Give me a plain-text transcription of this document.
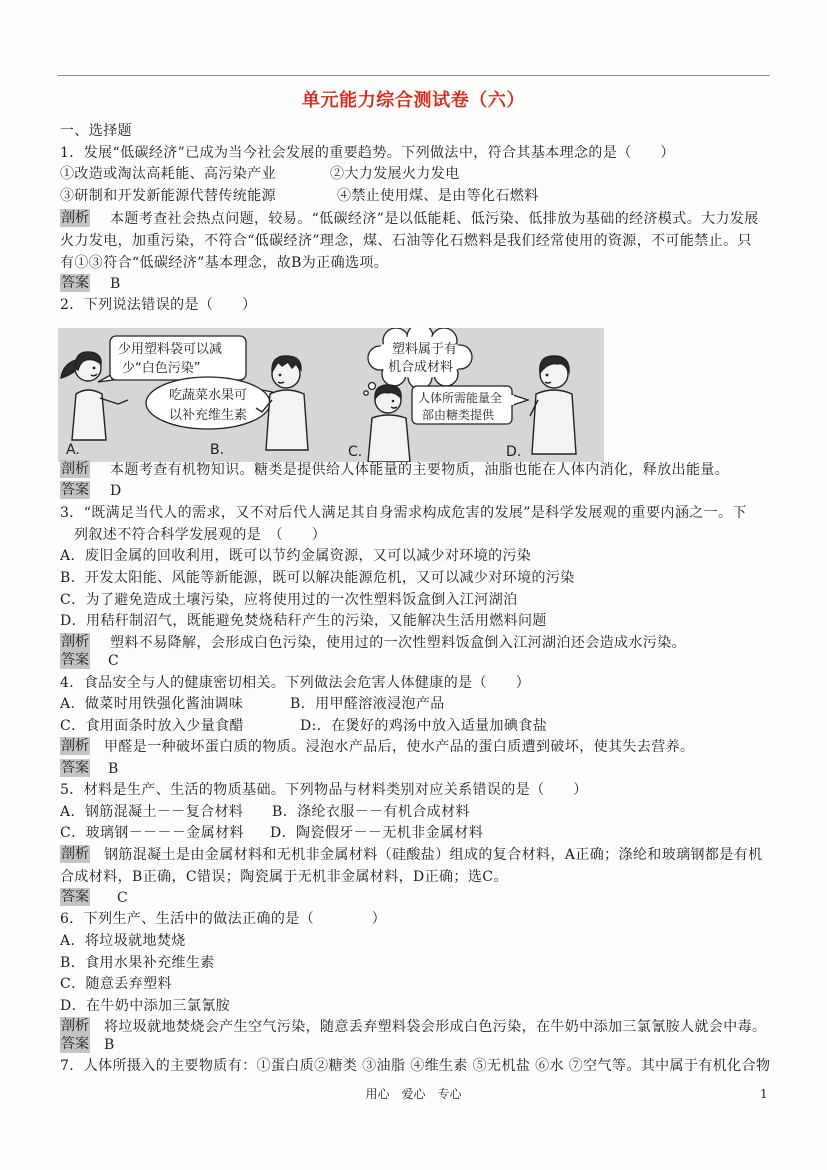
单元能力综合测试卷（六）
一、选择题
1．发展“低碳经济”已成为当今社会发展的重要趋势。下列做法中，符合其基本理念的是（　　）
①改造或淘汰高耗能、高污染产业	②大力发展火力发电
③研制和开发新能源代替传统能源	④禁止使用煤、是由等化石燃料
剖析 本题考查社会热点问题，较易。“低碳经济”是以低能耗、低污染、低排放为基础的经济模式。大力发展
火力发电，加重污染，不符合“低碳经济”理念，煤、石油等化石燃料是我们经常使用的资源，不可能禁止。只
有①③符合“低碳经济”基本理念，故B为正确选项。
答案 B
2．下列说法错误的是（　　）
少用塑料袋可以减
少“白色污染”
吃蔬菜水果可
以补充维生素
塑料属于有
机合成材料
人体所需能量全
部由糖类提供
A.	B.	C.	D.
剖析 本题考查有机物知识。糖类是提供给人体能量的主要物质，油脂也能在人体内消化，释放出能量。
答案 D
3．“既满足当代人的需求，又不对后代人满足其自身需求构成危害的发展”是科学发展观的重要内涵之一。下
列叙述不符合科学发展观的是　（　　）
A．废旧金属的回收利用，既可以节约金属资源，又可以减少对环境的污染
B．开发太阳能、风能等新能源，既可以解决能源危机，又可以减少对环境的污染
C．为了避免造成土壤污染，应将使用过的一次性塑料饭盒倒入江河湖泊
D．用秸秆制沼气，既能避免焚烧秸秆产生的污染，又能解决生活用燃料问题
剖析 塑料不易降解，会形成白色污染，使用过的一次性塑料饭盒倒入江河湖泊还会造成水污染。
答案 C
4．食品安全与人的健康密切相关。下列做法会危害人体健康的是（　　）
A．做菜时用铁强化酱油调味	B．用甲醛溶液浸泡产品
C．食用面条时放入少量食醋	D:．在煲好的鸡汤中放入适量加碘食盐
剖析 甲醛是一种破坏蛋白质的物质。浸泡水产品后，使水产品的蛋白质遭到破坏，使其失去营养。
答案 B
5．材料是生产、生活的物质基础。下列物品与材料类别对应关系错误的是（　　）
A．钢筋混凝土－－复合材料 B．涤纶衣服－－有机合成材料
C．玻璃钢－－－－金属材料 D．陶瓷假牙－－无机非金属材料
剖析 钢筋混凝土是由金属材料和无机非金属材料（硅酸盐）组成的复合材料，A正确；涤纶和玻璃钢都是有机
合成材料，B正确，C错误；陶瓷属于无机非金属材料，D正确；选C。
答案 C
6．下列生产、生活中的做法正确的是（　　　　）
A．将垃圾就地焚烧
B．食用水果补充维生素
C．随意丢弃塑料
D．在牛奶中添加三氯氰胺
剖析 将垃圾就地焚烧会产生空气污染，随意丢弃塑料袋会形成白色污染，在牛奶中添加三氯氰胺人就会中毒。
答案 B
7．人体所摄入的主要物质有：①蛋白质②糖类 ③油脂 ④维生素 ⑤无机盐 ⑥水 ⑦空气等。其中属于有机化合物
用心　爱心　专心	1
